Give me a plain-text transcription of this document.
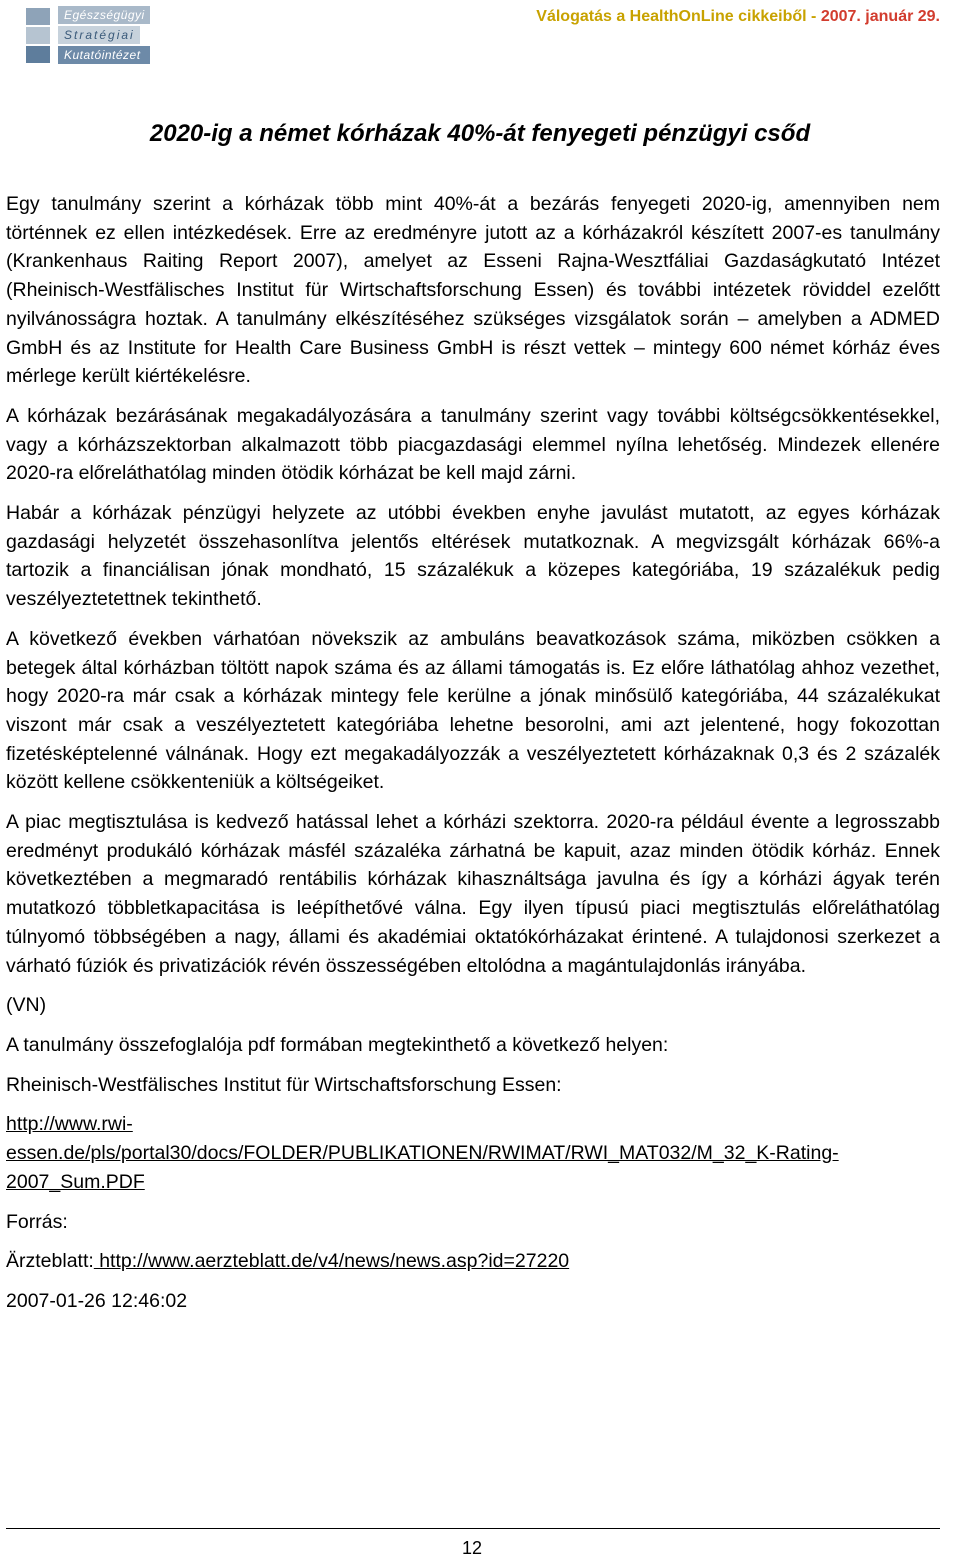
Egészségügyi
Stratégiai
Kutatóintézet
Válogatás a HealthOnLine cikkeiből - 2007. január 29.
2020-ig a német kórházak 40%-át fenyegeti pénzügyi csőd

Egy tanulmány szerint a kórházak több mint 40%-át a bezárás fenyegeti 2020-ig, amennyiben nem történnek ez ellen intézkedések. Erre az eredményre jutott az a kórházakról készített 2007-es tanulmány (Krankenhaus Raiting Report 2007), amelyet az Esseni Rajna-Wesztfáliai Gazdaságkutató Intézet (Rheinisch-Westfälisches Institut für Wirtschaftsforschung Essen) és további intézetek röviddel ezelőtt nyilvánosságra hoztak. A tanulmány elkészítéséhez szükséges vizsgálatok során – amelyben a ADMED GmbH és az Institute for Health Care Business GmbH is részt vettek – mintegy 600 német kórház éves mérlege került kiértékelésre.

A kórházak bezárásának megakadályozására a tanulmány szerint vagy további költségcsökkentésekkel, vagy a kórházszektorban alkalmazott több piacgazdasági elemmel nyílna lehetőség. Mindezek ellenére 2020-ra előreláthatólag minden ötödik kórházat be kell majd zárni.

Habár a kórházak pénzügyi helyzete az utóbbi években enyhe javulást mutatott, az egyes kórházak gazdasági helyzetét összehasonlítva jelentős eltérések mutatkoznak. A megvizsgált kórházak 66%-a tartozik a financiálisan jónak mondható, 15 százalékuk a közepes kategóriába, 19 százalékuk pedig veszélyeztetettnek tekinthető.

A következő években várhatóan növekszik az ambuláns beavatkozások száma, miközben csökken a betegek által kórházban töltött napok száma és az állami támogatás is. Ez előre láthatólag ahhoz vezethet, hogy 2020-ra már csak a kórházak mintegy fele kerülne a jónak minősülő kategóriába, 44 százalékukat viszont már csak a veszélyeztetett kategóriába lehetne besorolni, ami azt jelentené, hogy fokozottan fizetésképtelenné válnának. Hogy ezt megakadályozzák a veszélyeztetett kórházaknak 0,3 és 2 százalék között kellene csökkenteniük a költségeiket.

A piac megtisztulása is kedvező hatással lehet a kórházi szektorra. 2020-ra például évente a legrosszabb eredményt produkáló kórházak másfél százaléka zárhatná be kapuit, azaz minden ötödik kórház. Ennek következtében a megmaradó rentábilis kórházak kihasználtsága javulna és így a kórházi ágyak terén mutatkozó többletkapacitása is leépíthetővé válna. Egy ilyen típusú piaci megtisztulás előreláthatólag túlnyomó többségében a nagy, állami és akadémiai oktatókórházakat érintené. A tulajdonosi szerkezet a várható fúziók és privatizációk révén összességében eltolódna a magántulajdonlás irányába.

(VN)

A tanulmány összefoglalója pdf formában megtekinthető a következő helyen:

Rheinisch-Westfälisches Institut für Wirtschaftsforschung Essen:

http://www.rwi-
essen.de/pls/portal30/docs/FOLDER/PUBLIKATIONEN/RWIMAT/RWI_MAT032/M_32_K-Rating-
2007_Sum.PDF

Forrás:

Ärzteblatt: http://www.aerzteblatt.de/v4/news/news.asp?id=27220

2007-01-26 12:46:02

12
